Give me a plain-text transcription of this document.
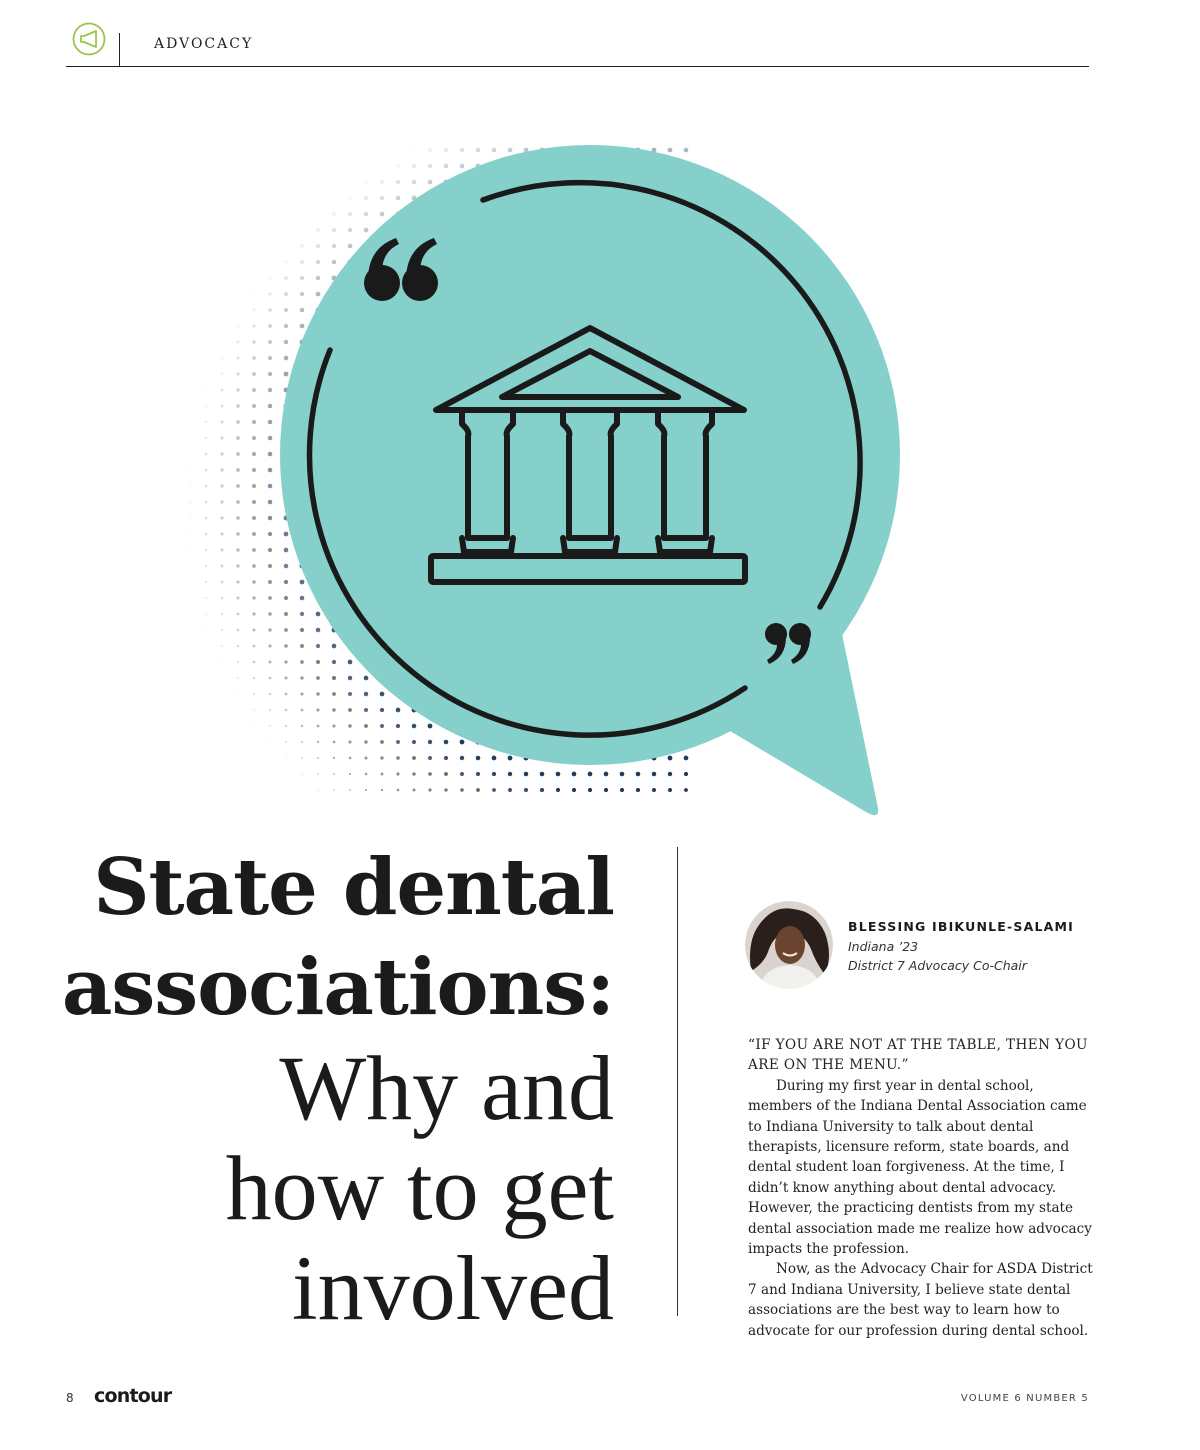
ADVOCACY
State dental
associations:
Why and
how to get
involved
BLESSING IBIKUNLE-SALAMI
Indiana ’23
District 7 Advocacy Co-Chair

“IF YOU ARE NOT AT THE TABLE, THEN YOU ARE ON THE MENU.”

During my first year in dental school, members of the Indiana Dental Association came to Indiana University to talk about dental therapists, licensure reform, state boards, and dental student loan forgiveness. At the time, I didn’t know anything about dental advocacy. However, the practicing dentists from my state dental association made me realize how advocacy impacts the profession.

Now, as the Advocacy Chair for ASDA District 7 and Indiana University, I believe state dental associations are the best way to learn how to advocate for our profession during dental school.

8 contour	VOLUME 6 NUMBER 5
